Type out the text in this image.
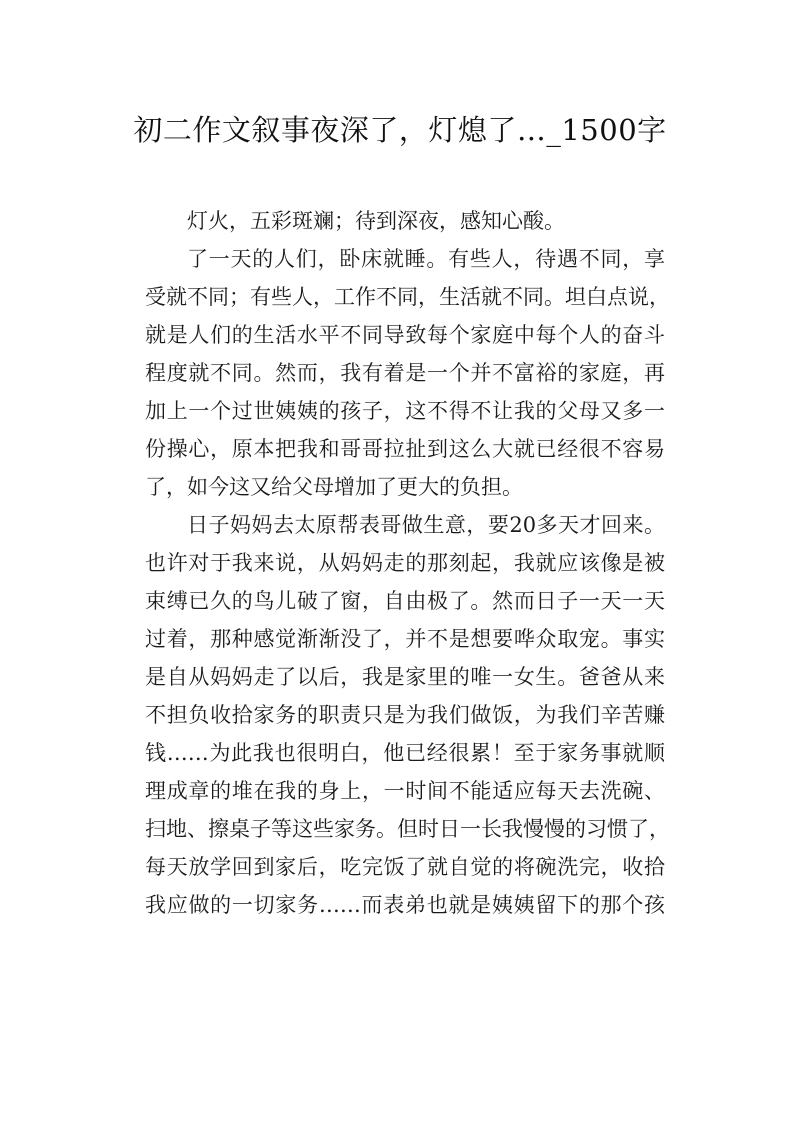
初二作文叙事夜深了，灯熄了…_1500字
灯火，五彩斑斓；待到深夜，感知心酸。
了一天的人们，卧床就睡。有些人，待遇不同，享
受就不同；有些人，工作不同，生活就不同。坦白点说，
就是人们的生活水平不同导致每个家庭中每个人的奋斗
程度就不同。然而，我有着是一个并不富裕的家庭，再
加上一个过世姨姨的孩子，这不得不让我的父母又多一
份操心，原本把我和哥哥拉扯到这么大就已经很不容易
了，如今这又给父母增加了更大的负担。
日子妈妈去太原帮表哥做生意，要20多天才回来。
也许对于我来说，从妈妈走的那刻起，我就应该像是被
束缚已久的鸟儿破了窗，自由极了。然而日子一天一天
过着，那种感觉渐渐没了，并不是想要哗众取宠。事实
是自从妈妈走了以后，我是家里的唯一女生。爸爸从来
不担负收拾家务的职责只是为我们做饭，为我们辛苦赚
钱……为此我也很明白，他已经很累！至于家务事就顺
理成章的堆在我的身上，一时间不能适应每天去洗碗、
扫地、擦桌子等这些家务。但时日一长我慢慢的习惯了，
每天放学回到家后，吃完饭了就自觉的将碗洗完，收拾
我应做的一切家务……而表弟也就是姨姨留下的那个孩
